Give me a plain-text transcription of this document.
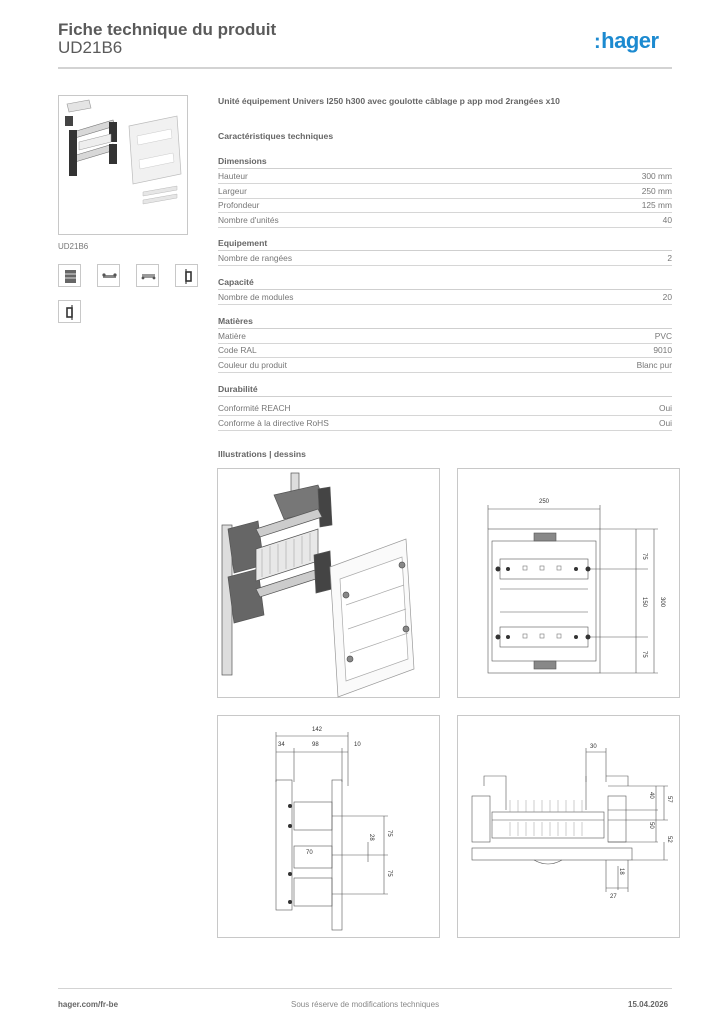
Fiche technique du produit
UD21B6	:hager
UD21B6
Unité équipement Univers l250 h300 avec goulotte câblage p app mod 2rangées x10
Caractéristiques techniques
Dimensions
Hauteur	300 mm
Largeur	250 mm
Profondeur	125 mm
Nombre d'unités	40
Equipement
Nombre de rangées	2
Capacité
Nombre de modules	20
Matières
Matière	PVC
Code RAL	9010
Couleur du produit	Blanc pur
Durabilité
Conformité REACH	Oui
Conforme à la directive RoHS	Oui
Illustrations | dessins
250
75
150
75
300
34	98	10
142
70
28
75
75
30
40
57
50
52
18
27
hager.com/fr-be	Sous réserve de modifications techniques	15.04.2026
